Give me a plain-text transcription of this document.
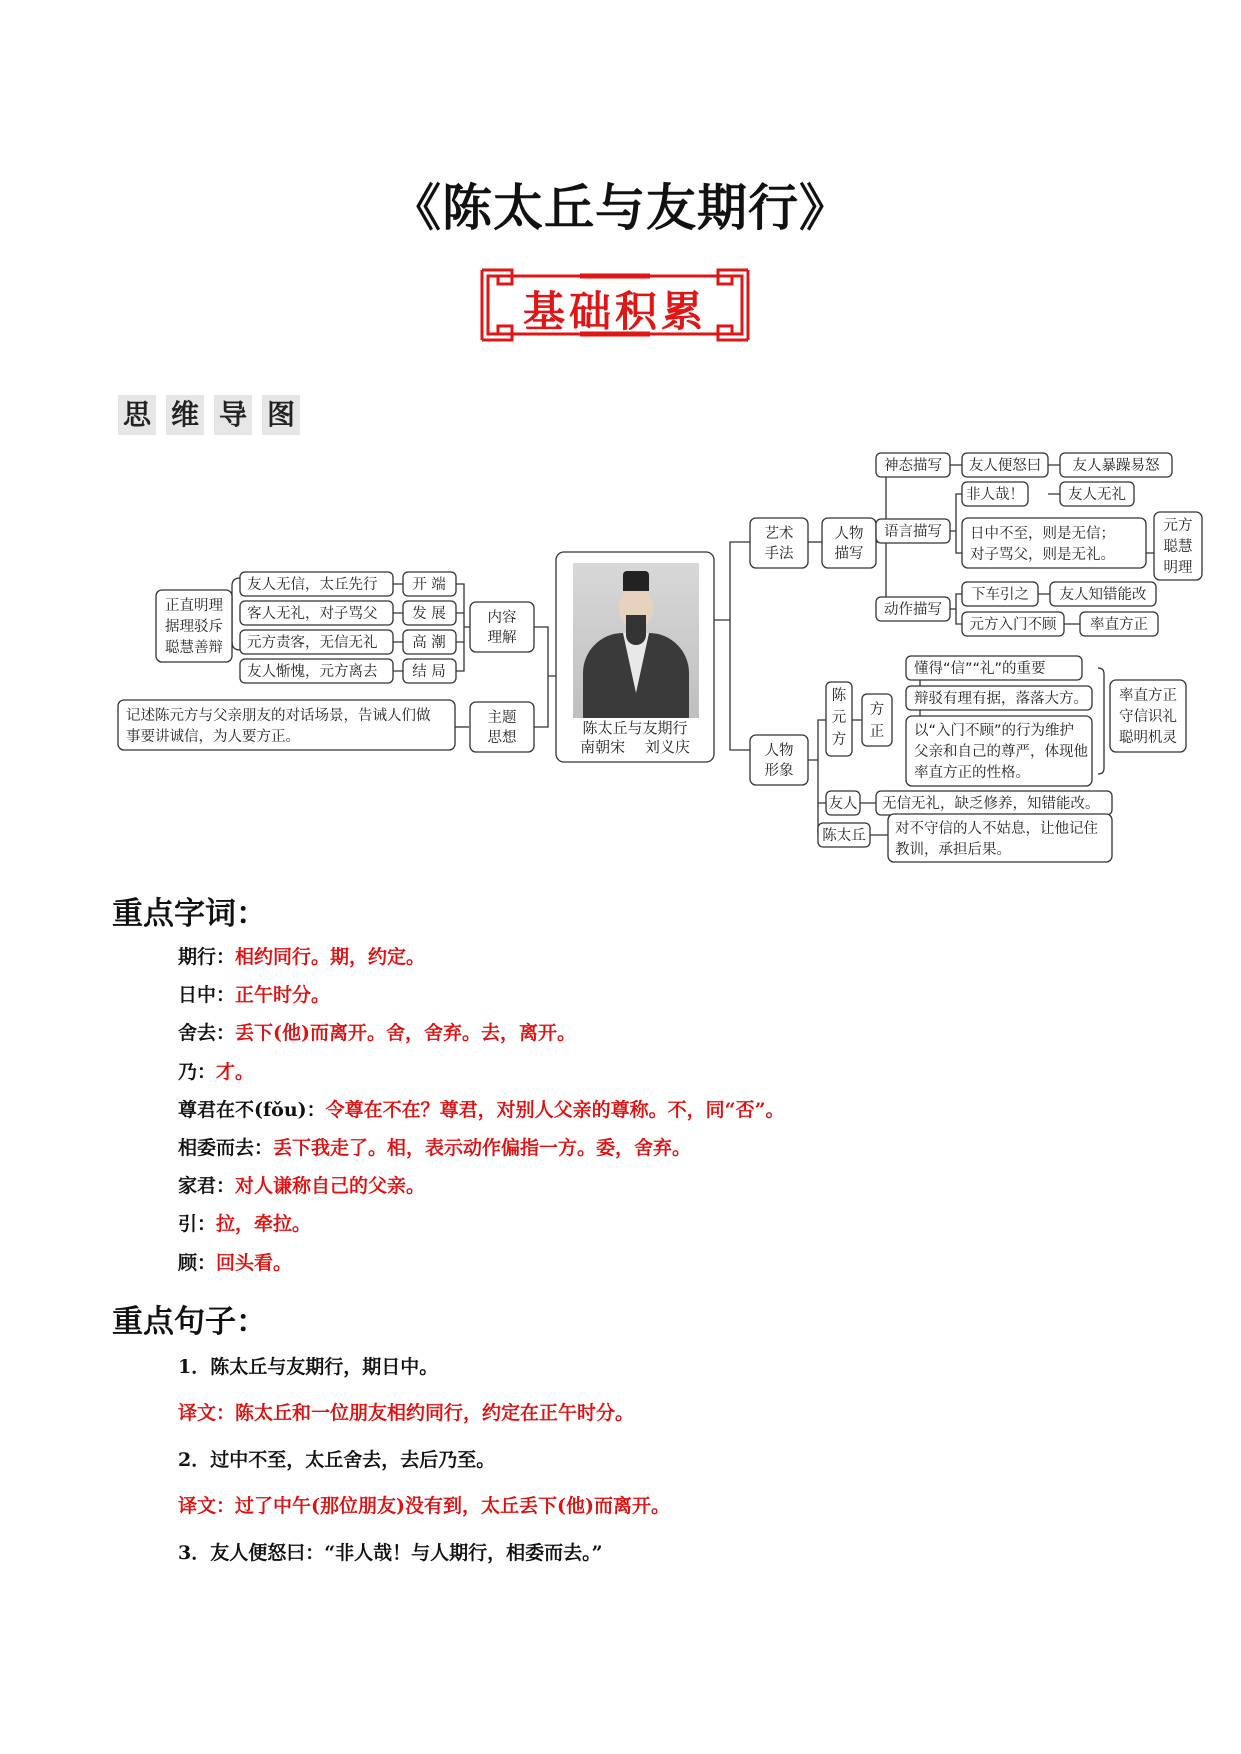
《陈太丘与友期行》
基础积累
思 维 导 图
正直明理
据理驳斥
聪慧善辩
友人无信，太丘先行
客人无礼，对子骂父
元方责客，无信无礼
友人惭愧，元方离去
开 端
发 展
高 潮
结 局
内容
理解
记述陈元方与父亲朋友的对话场景，告诫人们做
事要讲诚信，为人要方正。
主题
思想
陈太丘与友期行
南朝宋　 刘义庆
艺术
手法
人物
描写
神态描写 友人便怒曰 友人暴躁易怒
语言描写
非人哉！	友人无礼
日中不至，则是无信；
对子骂父，则是无礼。
元方
聪慧
明理
动作描写
下车引之 友人知错能改
元方入门不顾 率直方正
人物
形象
陈
元
方
方
正
懂得“信”“礼”的重要
辩驳有理有据，落落大方。
以“入门不顾”的行为维护
父亲和自己的尊严，体现他
率直方正的性格。
率直方正
守信识礼
聪明机灵
友人 无信无礼，缺乏修养，知错能改。
陈太丘 对不守信的人不姑息，让他记住
教训，承担后果。
重点字词：
期行：相约同行。期，约定。
日中：正午时分。
舍去：丢下(他)而离开。舍，舍弃。去，离开。
乃：才。
尊君在不(fǒu)：令尊在不在？尊君，对别人父亲的尊称。不，同“否”。
相委而去：丢下我走了。相，表示动作偏指一方。委，舍弃。
家君：对人谦称自己的父亲。
引：拉，牵拉。
顾：回头看。
重点句子：
1．陈太丘与友期行，期日中。
译文：陈太丘和一位朋友相约同行，约定在正午时分。
2．过中不至，太丘舍去，去后乃至。
译文：过了中午(那位朋友)没有到，太丘丢下(他)而离开。
3．友人便怒曰：“非人哉！与人期行，相委而去。”
